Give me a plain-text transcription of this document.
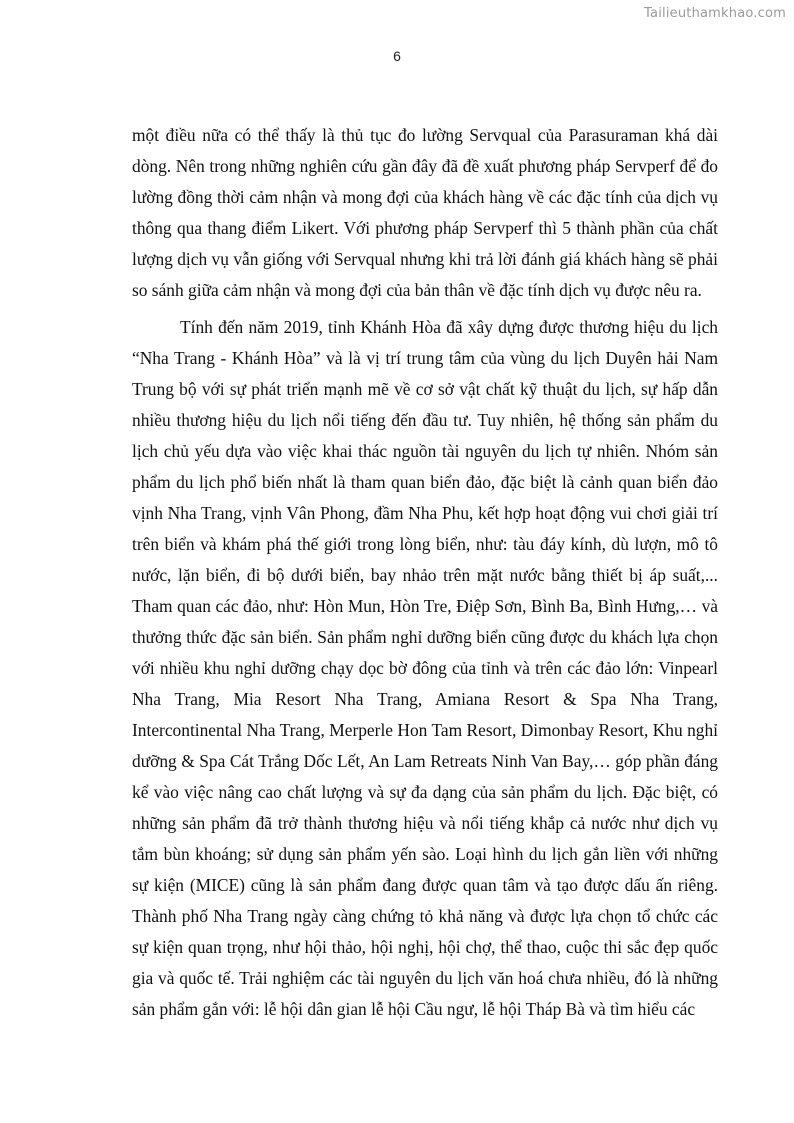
Tailieuthamkhao.com
6

một điều nữa có thể thấy là thủ tục đo lường Servqual của Parasuraman khá dài dòng. Nên trong những nghiên cứu gần đây đã đề xuất phương pháp Servperf để đo lường đồng thời cảm nhận và mong đợi của khách hàng về các đặc tính của dịch vụ thông qua thang điểm Likert. Với phương pháp Servperf thì 5 thành phần của chất lượng dịch vụ vẫn giống với Servqual nhưng khi trả lời đánh giá khách hàng sẽ phải so sánh giữa cảm nhận và mong đợi của bản thân về đặc tính dịch vụ được nêu ra.

Tính đến năm 2019, tỉnh Khánh Hòa đã xây dựng được thương hiệu du lịch “Nha Trang - Khánh Hòa” và là vị trí trung tâm của vùng du lịch Duyên hải Nam Trung bộ với sự phát triển mạnh mẽ về cơ sở vật chất kỹ thuật du lịch, sự hấp dẫn nhiều thương hiệu du lịch nổi tiếng đến đầu tư. Tuy nhiên, hệ thống sản phẩm du lịch chủ yếu dựa vào việc khai thác nguồn tài nguyên du lịch tự nhiên. Nhóm sản phẩm du lịch phổ biến nhất là tham quan biển đảo, đặc biệt là cảnh quan biển đảo vịnh Nha Trang, vịnh Vân Phong, đầm Nha Phu, kết hợp hoạt động vui chơi giải trí trên biển và khám phá thế giới trong lòng biển, như: tàu đáy kính, dù lượn, mô tô nước, lặn biển, đi bộ dưới biển, bay nhảo trên mặt nước bằng thiết bị áp suất,... Tham quan các đảo, như: Hòn Mun, Hòn Tre, Điệp Sơn, Bình Ba, Bình Hưng,… và thưởng thức đặc sản biển. Sản phẩm nghỉ dưỡng biển cũng được du khách lựa chọn với nhiều khu nghỉ dưỡng chạy dọc bờ đông của tỉnh và trên các đảo lớn: Vinpearl Nha Trang, Mia Resort Nha Trang, Amiana Resort & Spa Nha Trang, Intercontinental Nha Trang, Merperle Hon Tam Resort, Dimonbay Resort, Khu nghỉ dưỡng & Spa Cát Trắng Dốc Lết, An Lam Retreats Ninh Van Bay,… góp phần đáng kể vào việc nâng cao chất lượng và sự đa dạng của sản phẩm du lịch. Đặc biệt, có những sản phẩm đã trở thành thương hiệu và nổi tiếng khắp cả nước như dịch vụ tắm bùn khoáng; sử dụng sản phẩm yến sào. Loại hình du lịch gắn liền với những sự kiện (MICE) cũng là sản phẩm đang được quan tâm và tạo được dấu ấn riêng. Thành phố Nha Trang ngày càng chứng tỏ khả năng và được lựa chọn tổ chức các sự kiện quan trọng, như hội thảo, hội nghị, hội chợ, thể thao, cuộc thi sắc đẹp quốc gia và quốc tế. Trải nghiệm các tài nguyên du lịch văn hoá chưa nhiều, đó là những sản phẩm gắn với: lễ hội dân gian lễ hội Cầu ngư, lễ hội Tháp Bà và tìm hiểu các
